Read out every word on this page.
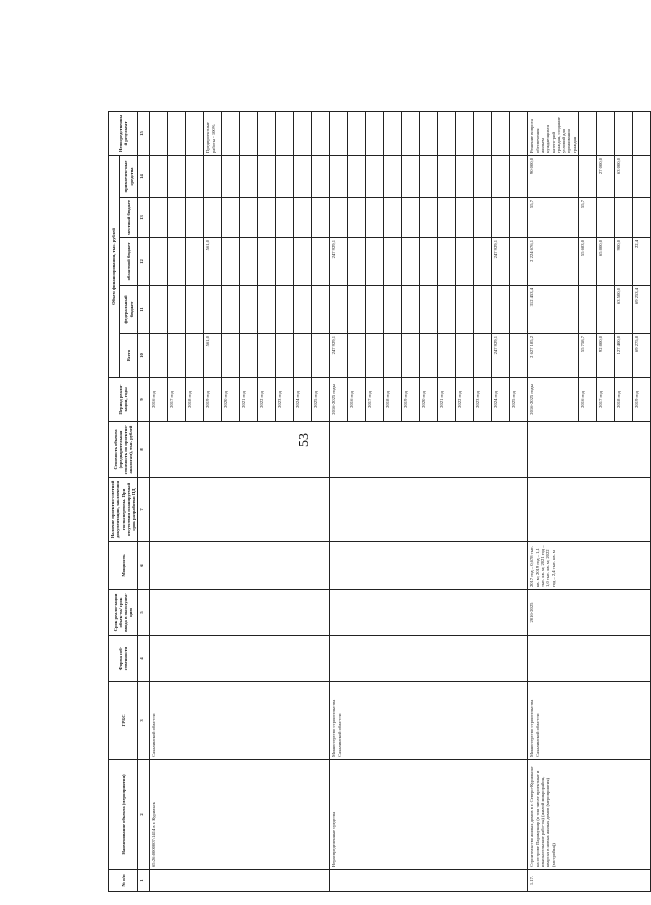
53
№ п/п	Наименование объекта (мероприятия)	ГРБС	Форма соб-ственности	Срок реали-зации объек-та/ срок ввода в эксплуата-цию	Мощность	Наличие проектно-сметной документации, заключения госэкспертизы. При отсутствии планируемый срок разработки ПД	Стоимость объекта (предварительная стоимость по проектно-аналогам), тыс. рублей	Период реали-зации, годы	Объем финансирования, тыс. рублей					Непосредственный результат
									Всего	федеральный бюджет	областной бюджет	местный бюджет	привлечен-ные средства	
1	2	3	4	5	6	7	8	9	10	11	12	13	14	15
	65:26:0000007:1414 в г. Курильск	Сахалинской обла-сти						2016 год						
								2017 год						
								2018 год						
								2019 год	561,0		561,0			Предпроектные работы - 100%
								2020 год						
								2021 год						
								2022 год						
								2023 год						
								2024 год						
								2025 год						
	Нераспределенные средства	Министерство строительства Сахалинской обла-сти						2016-2025 годы	247 929,1		247 929,1			
								2016 год						
								2017 год						
								2018 год						
								2019 год						
								2020 год						
								2021 год						
								2022 год						
								2023 год						
								2024 год	247 929,1		247 929,1			
								2025 год						
1.17.	Строительство жилых домов в г. Северо-Курильске на острове Парамушир (в том числе проектные и изыскательские рабо-ты) (жилой микрорайон, квартал в новых жилых домов (мероприятия) (застройка))	Министерство строительства Сахалинской обла-сти		2016-2025	2017 год – 0,678 тыс. кв. м; 2019 год – 1,1 тыс. кв. м; 2021 год – 1,0 тыс. кв. м; 2022 год – 2,4 тыс. кв. м			2016-2025 годы	2 627 185,2	312 453,4	2 224 676,1	55,7	90 000,0	Решение вопроса обеспечения жильем нуждающихся катего-рий граждан, создание условий для проживания граждан
								2016 год	55 758,7		55 683,0	55,7		
								2017 год	92 800,0		65 800,0		27 000,0	
								2018 год	127 400,0	63 500,0	900,0		63 000,0	
								2019 год	69 275,8	69 253,4	22,4			
